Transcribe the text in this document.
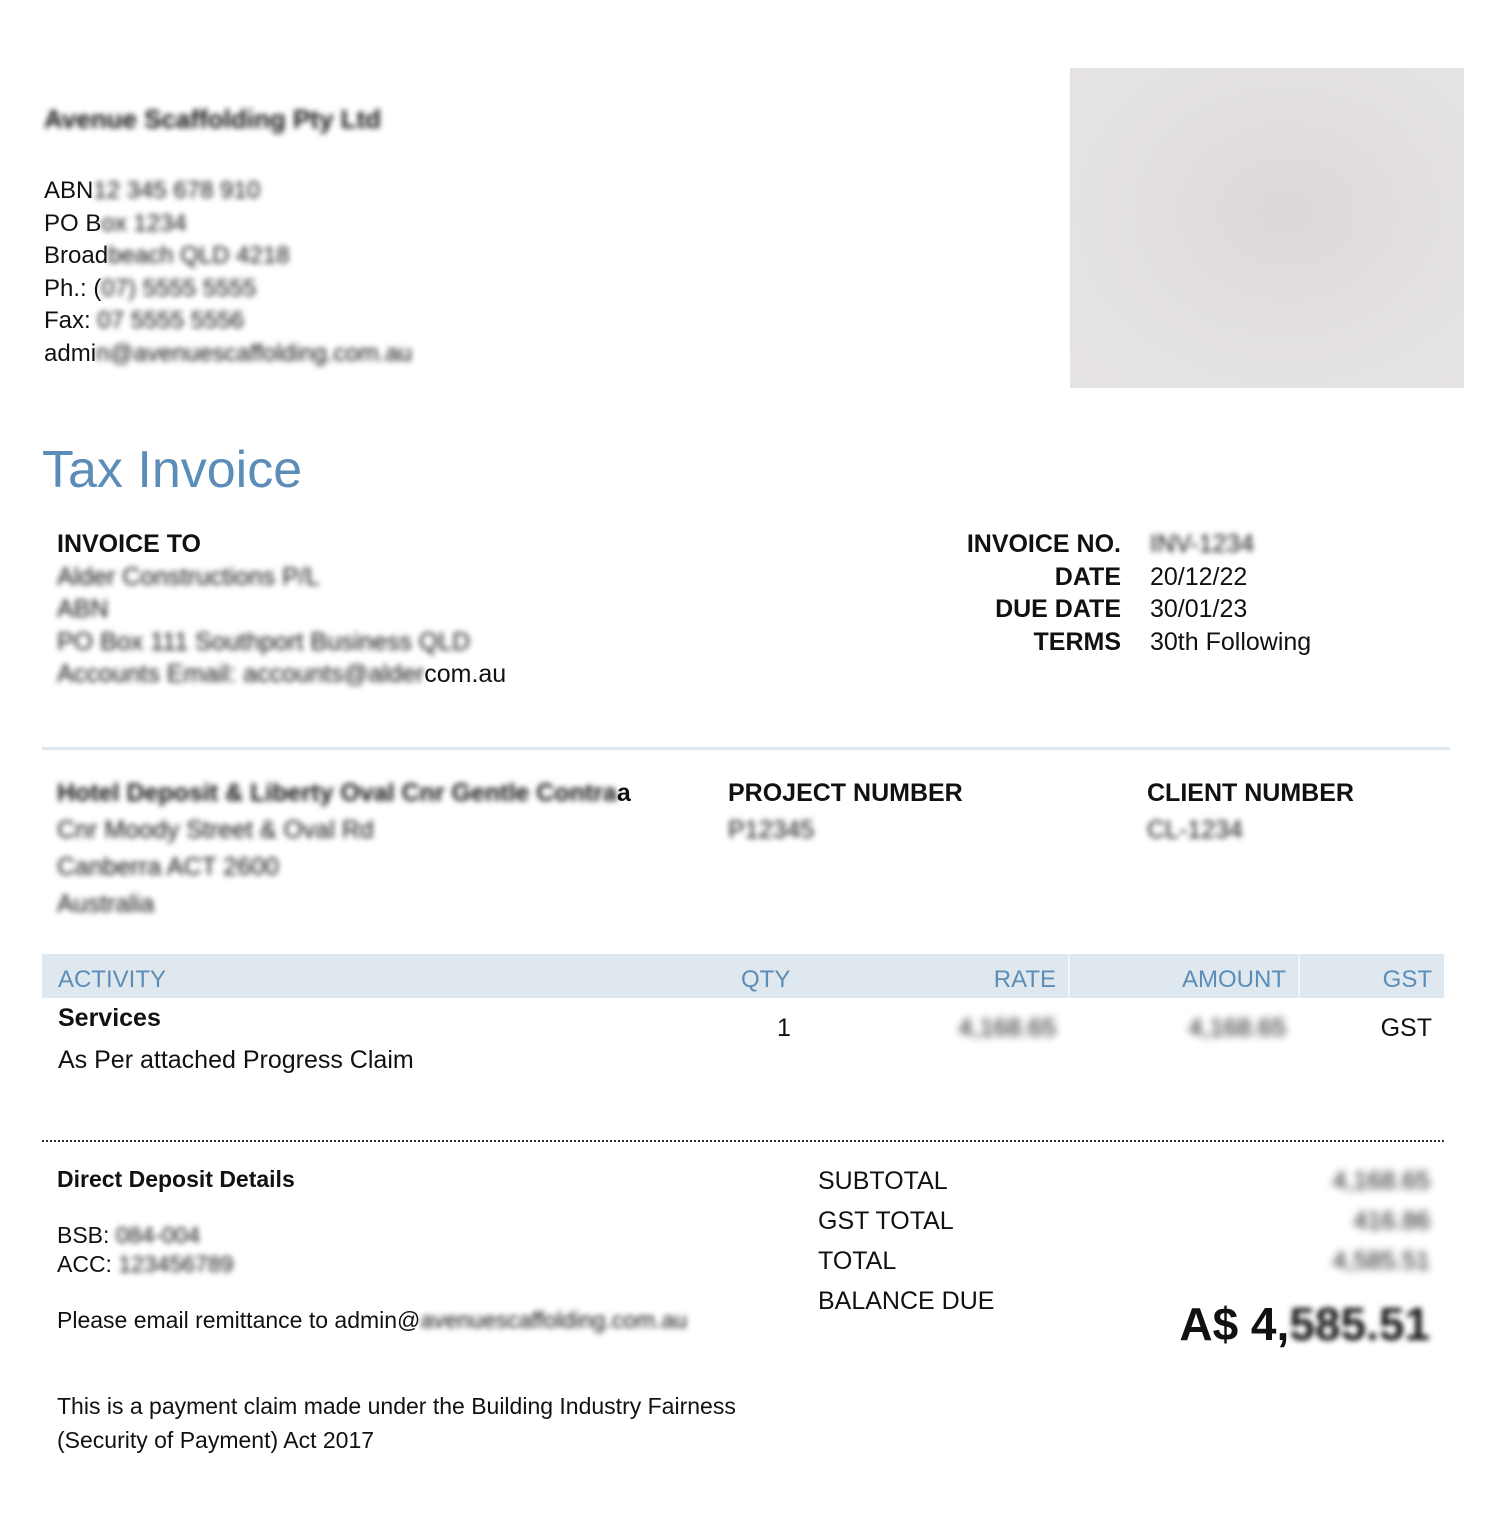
Avenue Scaffolding Pty Ltd
ABN12 345 678 910
PO Box 1234
Broadbeach QLD 4218
Ph.: (07) 5555 5555
Fax: 07 5555 5556
admin@avenuescaffolding.com.au
Tax Invoice
INVOICE TO
Alder Constructions P/L
ABN
PO Box 111 Southport Business QLD
Accounts Email: accounts@aldercom.au
INVOICE NO.	INV-1234
DATE	20/12/22
DUE DATE	30/01/23
TERMS	30th Following
Hotel Deposit & Liberty Oval Cnr Gentle Contraa
Cnr Moody Street & Oval Rd
Canberra ACT 2600
Australia
PROJECT NUMBER
P12345
CLIENT NUMBER
CL-1234
ACTIVITY	QTY	RATE	AMOUNT	GST
Services
As Per attached Progress Claim
1	4,168.65	4,168.65	GST
Direct Deposit Details
BSB: 084-004
ACC: 123456789
Please email remittance to admin@avenuescaffolding.com.au
This is a payment claim made under the Building Industry Fairness
(Security of Payment) Act 2017
SUBTOTAL	4,168.65
GST TOTAL	416.86
TOTAL	4,585.51
BALANCE DUE	A$ 4,585.51
